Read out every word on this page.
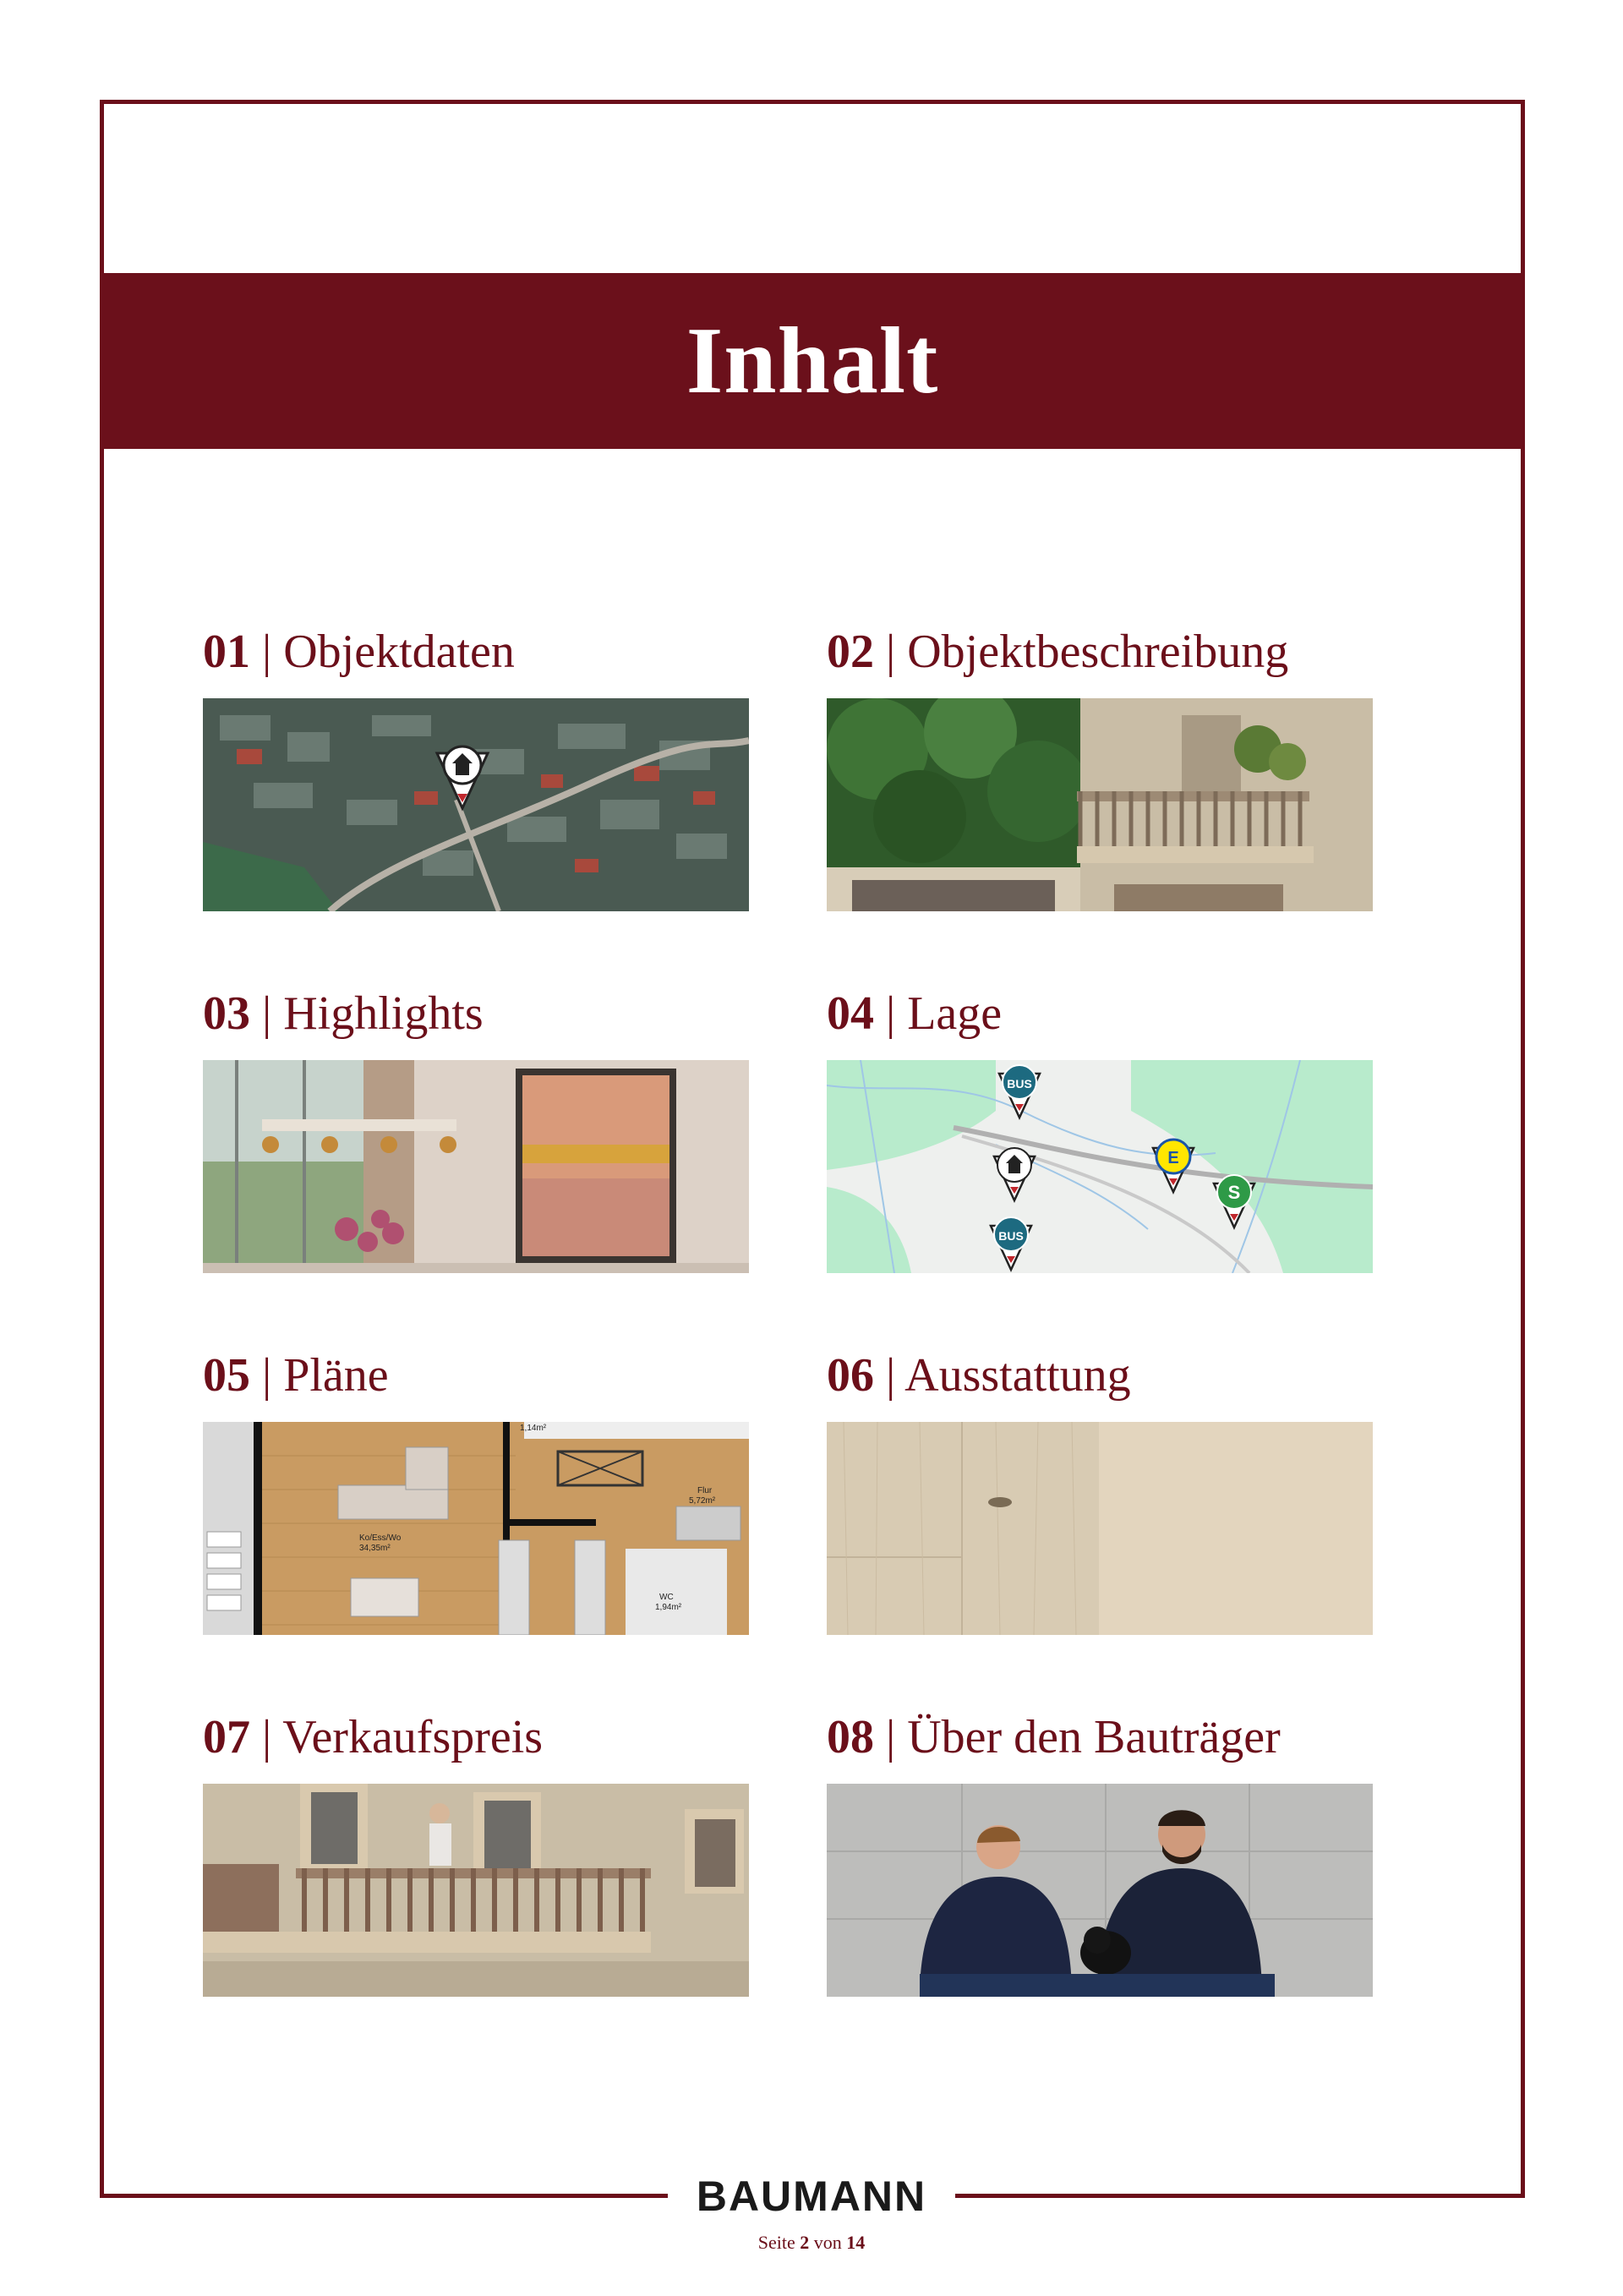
Inhalt
01 | Objektdaten	02 | Objektbeschreibung
03 | Highlights	04 | Lage
BUS
BUS
E
S
05 | Pläne
1,14m²
Flur
5,72m²
Ko/Ess/Wo
34,35m²
WC
1,94m²
06 | Ausstattung
07 | Verkaufspreis	08 | Über den Bauträger
BAUMANN
Seite 2 von 14
